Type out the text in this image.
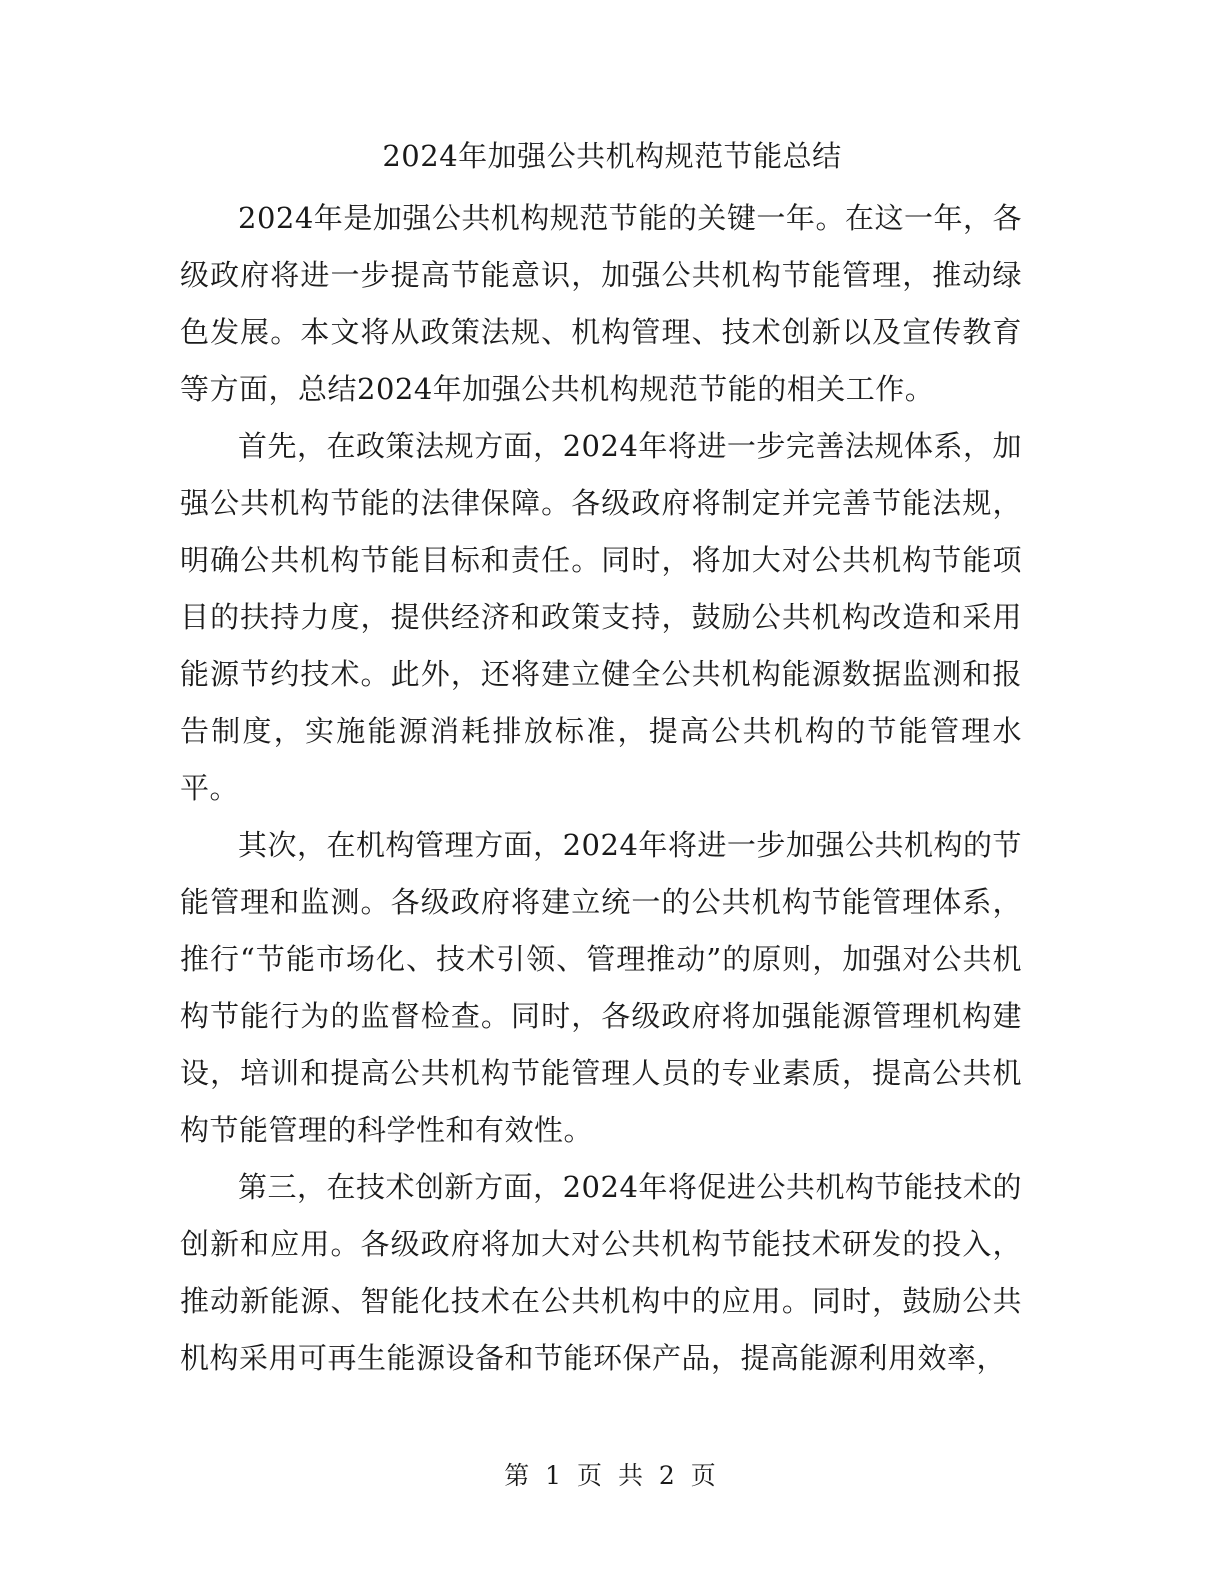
2024年加强公共机构规范节能总结

2024年是加强公共机构规范节能的关键一年。在这一年，各级政府将进一步提高节能意识，加强公共机构节能管理，推动绿色发展。本文将从政策法规、机构管理、技术创新以及宣传教育等方面，总结2024年加强公共机构规范节能的相关工作。

首先，在政策法规方面，2024年将进一步完善法规体系，加强公共机构节能的法律保障。各级政府将制定并完善节能法规，明确公共机构节能目标和责任。同时，将加大对公共机构节能项目的扶持力度，提供经济和政策支持，鼓励公共机构改造和采用能源节约技术。此外，还将建立健全公共机构能源数据监测和报告制度，实施能源消耗排放标准，提高公共机构的节能管理水平。

其次，在机构管理方面，2024年将进一步加强公共机构的节能管理和监测。各级政府将建立统一的公共机构节能管理体系，推行“节能市场化、技术引领、管理推动”的原则，加强对公共机构节能行为的监督检查。同时，各级政府将加强能源管理机构建设，培训和提高公共机构节能管理人员的专业素质，提高公共机构节能管理的科学性和有效性。

第三，在技术创新方面，2024年将促进公共机构节能技术的创新和应用。各级政府将加大对公共机构节能技术研发的投入，推动新能源、智能化技术在公共机构中的应用。同时，鼓励公共机构采用可再生能源设备和节能环保产品，提高能源利用效率，

第 1 页 共 2 页
